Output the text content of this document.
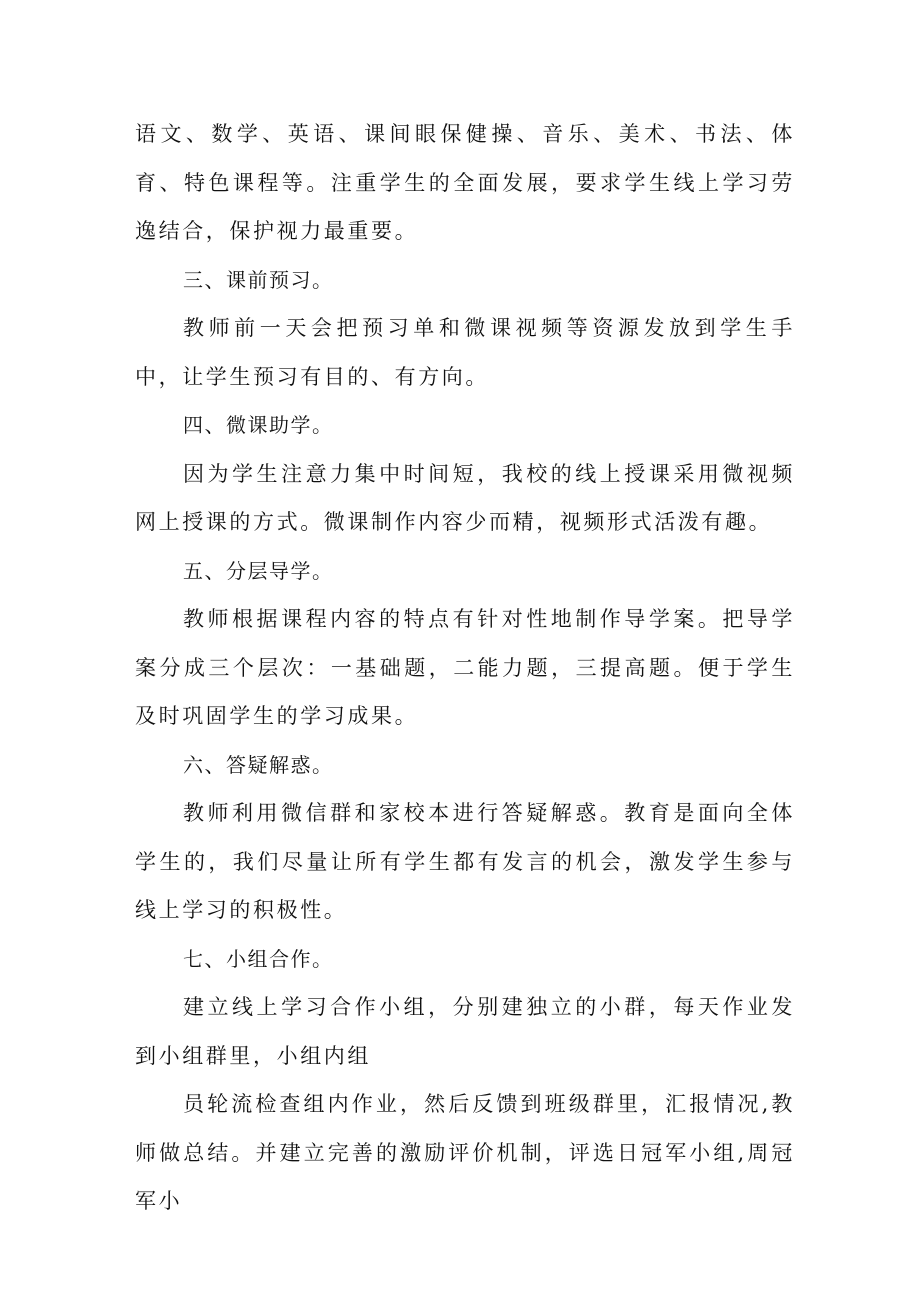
语文、数学、英语、课间眼保健操、音乐、美术、书法、体育、特色课程等。注重学生的全面发展，要求学生线上学习劳逸结合，保护视力最重要。

三、课前预习。

教师前一天会把预习单和微课视频等资源发放到学生手中，让学生预习有目的、有方向。

四、微课助学。

因为学生注意力集中时间短，我校的线上授课采用微视频网上授课的方式。微课制作内容少而精，视频形式活泼有趣。

五、分层导学。

教师根据课程内容的特点有针对性地制作导学案。把导学案分成三个层次：一基础题，二能力题，三提高题。便于学生及时巩固学生的学习成果。

六、答疑解惑。

教师利用微信群和家校本进行答疑解惑。教育是面向全体学生的，我们尽量让所有学生都有发言的机会，激发学生参与线上学习的积极性。

七、小组合作。

建立线上学习合作小组，分别建独立的小群，每天作业发到小组群里，小组内组

员轮流检查组内作业，然后反馈到班级群里，汇报情况,教师做总结。并建立完善的激励评价机制，评选日冠军小组,周冠军小
